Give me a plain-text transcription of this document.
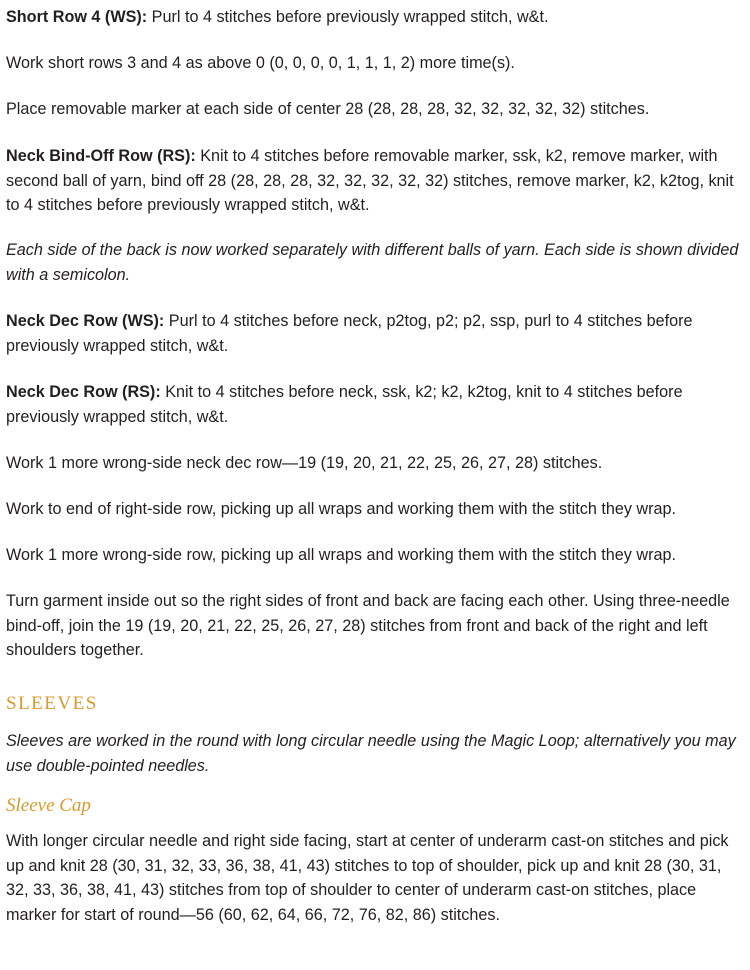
Short Row 4 (WS): Purl to 4 stitches before previously wrapped stitch, w&t.

Work short rows 3 and 4 as above 0 (0, 0, 0, 0, 1, 1, 1, 2) more time(s).

Place removable marker at each side of center 28 (28, 28, 28, 32, 32, 32, 32, 32) stitches.

Neck Bind-Off Row (RS): Knit to 4 stitches before removable marker, ssk, k2, remove marker, with second ball of yarn, bind off 28 (28, 28, 28, 32, 32, 32, 32, 32) stitches, remove marker, k2, k2tog, knit to 4 stitches before previously wrapped stitch, w&t.

Each side of the back is now worked separately with different balls of yarn. Each side is shown divided with a semicolon.

Neck Dec Row (WS): Purl to 4 stitches before neck, p2tog, p2; p2, ssp, purl to 4 stitches before previously wrapped stitch, w&t.

Neck Dec Row (RS): Knit to 4 stitches before neck, ssk, k2; k2, k2tog, knit to 4 stitches before previously wrapped stitch, w&t.

Work 1 more wrong-side neck dec row—19 (19, 20, 21, 22, 25, 26, 27, 28) stitches.

Work to end of right-side row, picking up all wraps and working them with the stitch they wrap.

Work 1 more wrong-side row, picking up all wraps and working them with the stitch they wrap.

Turn garment inside out so the right sides of front and back are facing each other. Using three-needle bind-off, join the 19 (19, 20, 21, 22, 25, 26, 27, 28) stitches from front and back of the right and left shoulders together.

SLEEVES

Sleeves are worked in the round with long circular needle using the Magic Loop; alternatively you may use double-pointed needles.

Sleeve Cap

With longer circular needle and right side facing, start at center of underarm cast-on stitches and pick up and knit 28 (30, 31, 32, 33, 36, 38, 41, 43) stitches to top of shoulder, pick up and knit 28 (30, 31, 32, 33, 36, 38, 41, 43) stitches from top of shoulder to center of underarm cast-on stitches, place marker for start of round—56 (60, 62, 64, 66, 72, 76, 82, 86) stitches.
